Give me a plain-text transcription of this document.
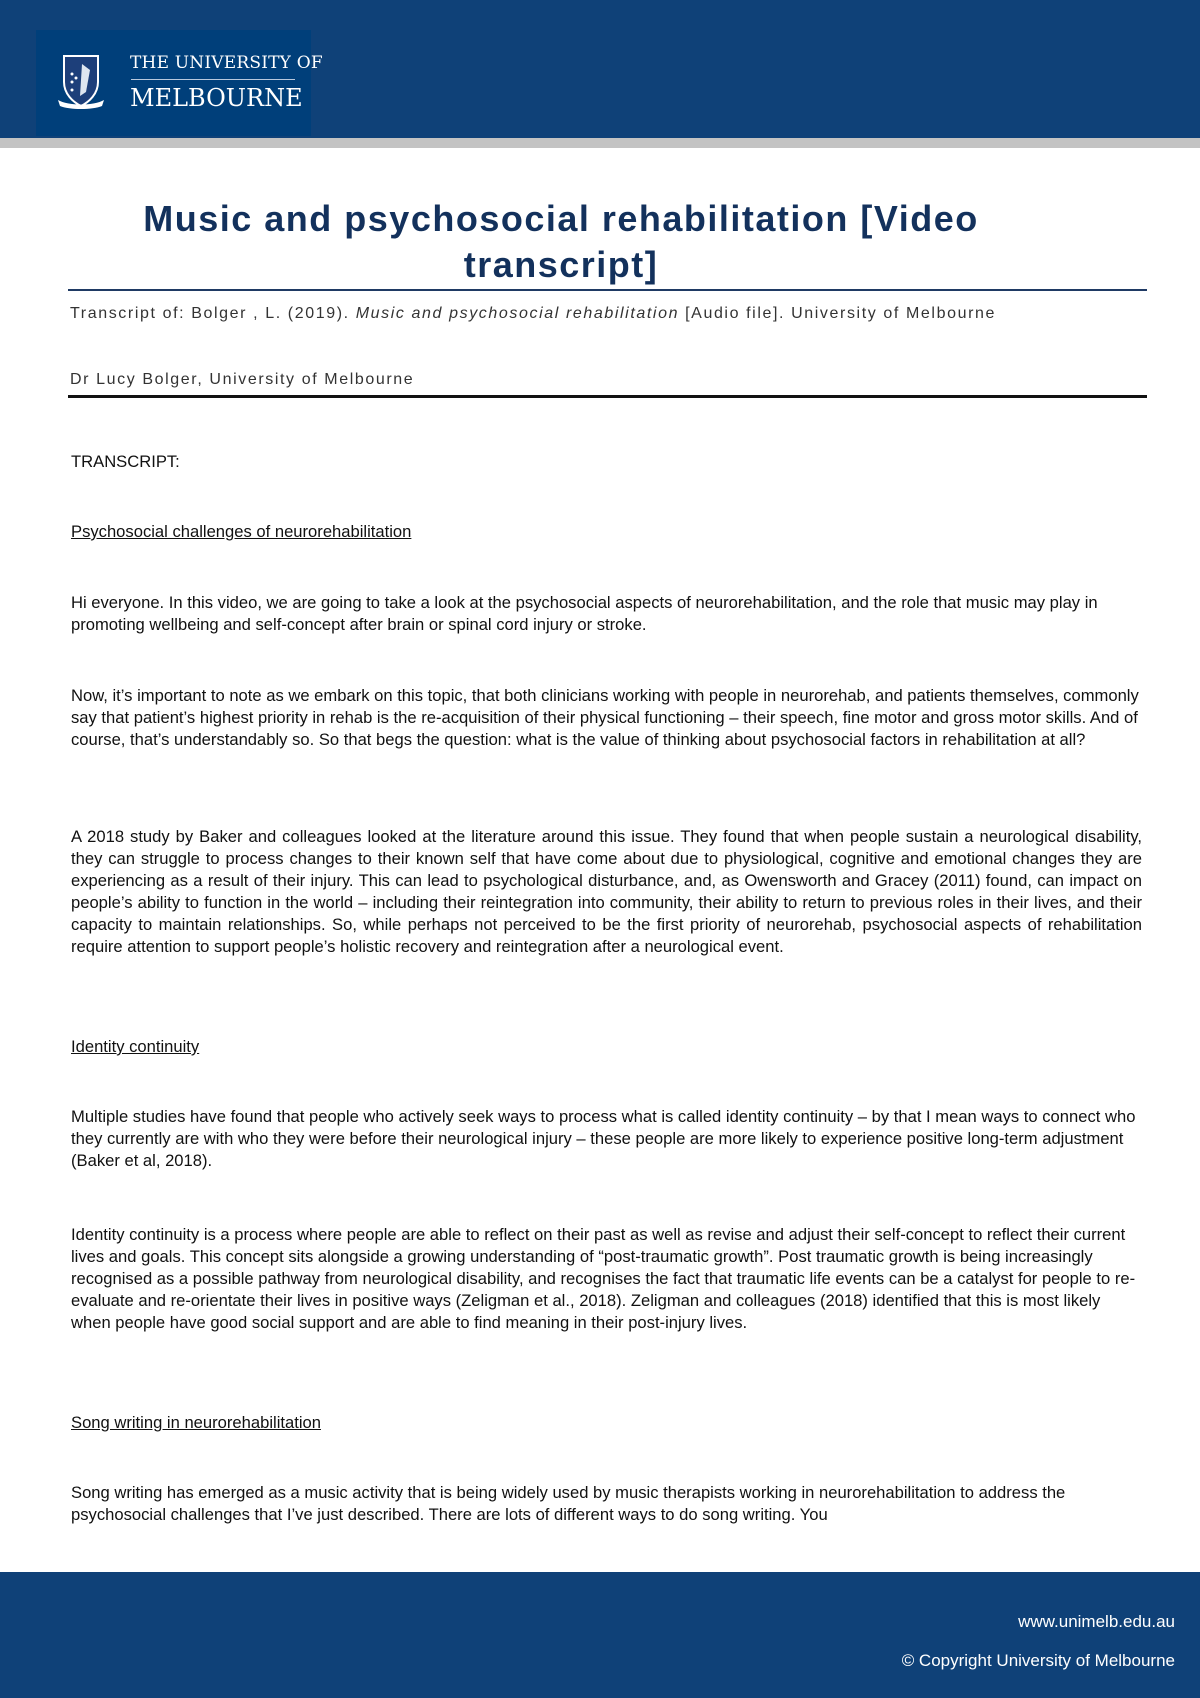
THE UNIVERSITY OF
MELBOURNE
Music and psychosocial rehabilitation [Video transcript]
Transcript of: Bolger , L. (2019). Music and psychosocial rehabilitation [Audio file]. University of Melbourne
Dr Lucy Bolger, University of Melbourne
TRANSCRIPT:
Psychosocial challenges of neurorehabilitation
Hi everyone. In this video, we are going to take a look at the psychosocial aspects of neurorehabilitation, and the role that music may play in promoting wellbeing and self-concept after brain or spinal cord injury or stroke.
Now, it’s important to note as we embark on this topic, that both clinicians working with people in neurorehab, and patients themselves, commonly say that patient’s highest priority in rehab is the re-acquisition of their physical functioning – their speech, fine motor and gross motor skills. And of course, that’s understandably so. So that begs the question: what is the value of thinking about psychosocial factors in rehabilitation at all?
A 2018 study by Baker and colleagues looked at the literature around this issue. They found that when people sustain a neurological disability, they can struggle to process changes to their known self that have come about due to physiological, cognitive and emotional changes they are experiencing as a result of their injury. This can lead to psychological disturbance, and, as Owensworth and Gracey (2011) found, can impact on people’s ability to function in the world – including their reintegration into community, their ability to return to previous roles in their lives, and their capacity to maintain relationships. So, while perhaps not perceived to be the first priority of neurorehab, psychosocial aspects of rehabilitation require attention to support people’s holistic recovery and reintegration after a neurological event.
Identity continuity
Multiple studies have found that people who actively seek ways to process what is called identity continuity – by that I mean ways to connect who they currently are with who they were before their neurological injury – these people are more likely to experience positive long-term adjustment (Baker et al, 2018).
Identity continuity is a process where people are able to reflect on their past as well as revise and adjust their self-concept to reflect their current lives and goals. This concept sits alongside a growing understanding of “post-traumatic growth”. Post traumatic growth is being increasingly recognised as a possible pathway from neurological disability, and recognises the fact that traumatic life events can be a catalyst for people to re-evaluate and re-orientate their lives in positive ways (Zeligman et al., 2018). Zeligman and colleagues (2018) identified that this is most likely when people have good social support and are able to find meaning in their post-injury lives.
Song writing in neurorehabilitation
Song writing has emerged as a music activity that is being widely used by music therapists working in neurorehabilitation to address the psychosocial challenges that I’ve just described. There are lots of different ways to do song writing. You
www.unimelb.edu.au
© Copyright University of Melbourne
